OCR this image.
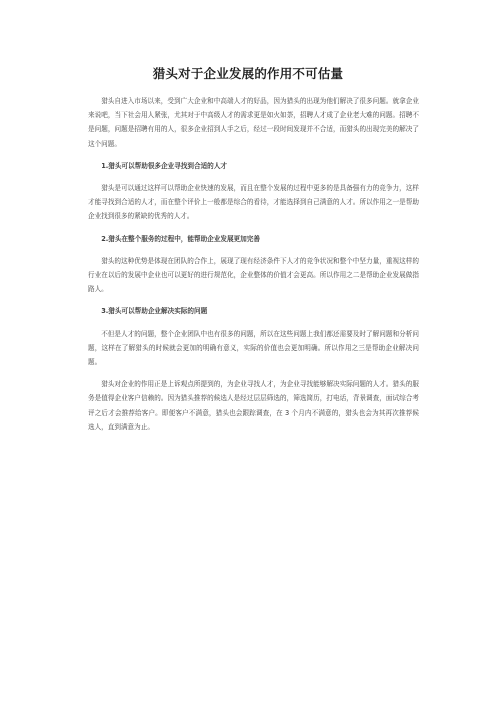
猎头对于企业发展的作用不可估量

猎头自进入市场以来，受到广大企业和中高端人才的好品，因为猎头的出现为他们解决了很多问题。就拿企业来说吧，当下社会用人紧张，尤其对于中高级人才的需求更是如火如荼，招聘人才成了企业老大难的问题。招聘不是问题，问题是招聘有用的人，很多企业招到人手之后，经过一段时间发现并不合适，而猎头的出现完美的解决了这个问题。

1.猎头可以帮助很多企业寻找到合适的人才

猎头是可以通过这样可以帮助企业快速的发展，而且在整个发展的过程中更多的是具备强有力的竞争力，这样才能寻找到合适的人才，而在整个评价上一般都是综合的看待，才能选择到自己满意的人才。所以作用之一是帮助企业找到很多的紧缺的优秀的人才。

2.猎头在整个服务的过程中，能帮助企业发展更加完善

猎头的这种优势是体现在团队的合作上，展现了现有经济条件下人才的竞争状况和整个中坚力量，重视这样的行业在以后的发展中企业也可以更好的进行规范化，企业整体的价值才会更高。所以作用之二是帮助企业发展做指路人。

3.猎头可以帮助企业解决实际的问题

不但是人才的问题，整个企业团队中也有很多的问题，所以在这些问题上我们都还需要及时了解问题和分析问题，这样在了解猎头的时候就会更加的明确有意义，实际的价值也会更加明确。所以作用之三是帮助企业解决问题。

猎头对企业的作用正是上诉观点所提到的，为企业寻找人才，为企业寻找能够解决实际问题的人才。猎头的服务是值得企业客户信赖的。因为猎头推荐的候选人是经过层层筛选的，筛选简历，打电话，背景调查，面试综合考评之后才会推荐给客户。即便客户不满意，猎头也会跟踪调查，在 3 个月内不满意的，猎头也会为其再次推荐候选人，直到满意为止。
